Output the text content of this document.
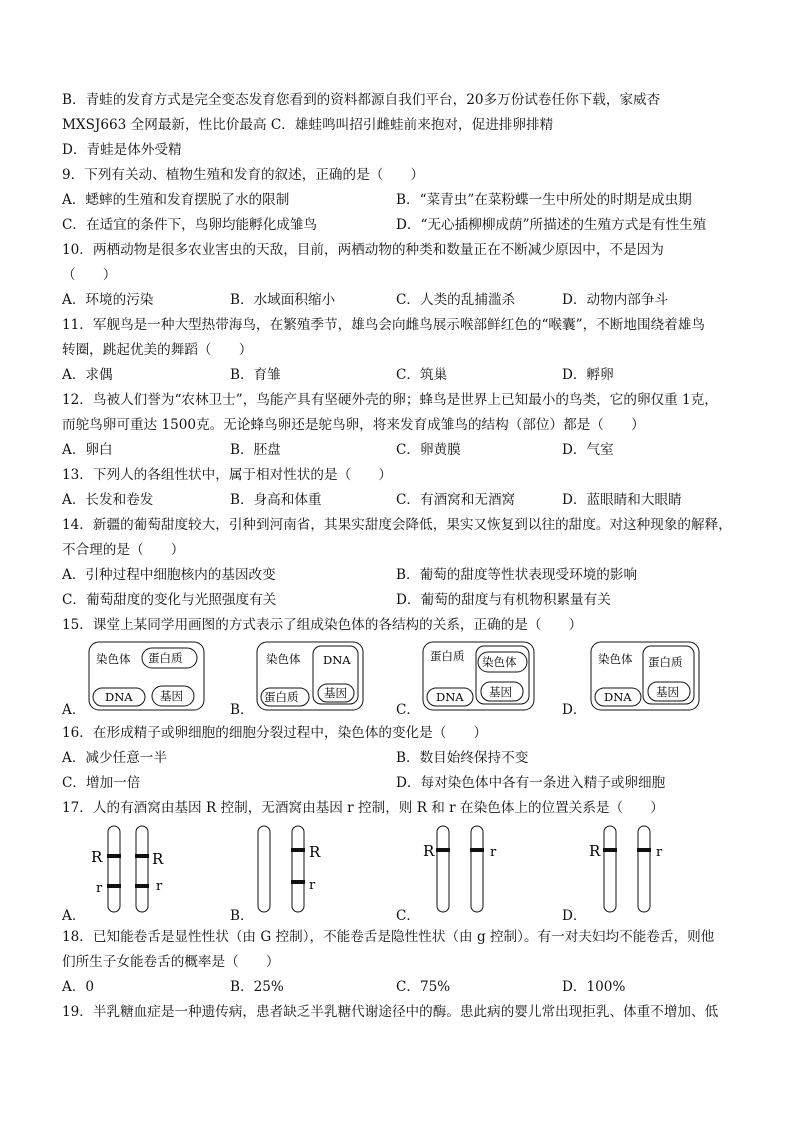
B．青蛙的发育方式是完全变态发育您看到的资料都源自我们平台，20多万份试卷任你下载，家威杏
MXSJ663 全网最新，性比价最高 C．雄蛙鸣叫招引雌蛙前来抱对，促进排卵排精
D．青蛙是体外受精
9．下列有关动、植物生殖和发育的叙述，正确的是（　　）
A．蟋蟀的生殖和发育摆脱了水的限制	B．“菜青虫”在菜粉蝶一生中所处的时期是成虫期
C．在适宜的条件下，鸟卵均能孵化成雏鸟	D．“无心插柳柳成荫”所描述的生殖方式是有性生殖
10．两栖动物是很多农业害虫的天敌，目前，两栖动物的种类和数量正在不断减少原因中，不是因为
（　　）
A．环境的污染	B．水域面积缩小	C．人类的乱捕滥杀	D．动物内部争斗
11．军舰鸟是一种大型热带海鸟，在繁殖季节，雄鸟会向雌鸟展示喉部鲜红色的“喉囊”，不断地围绕着雄鸟
转圈，跳起优美的舞蹈（　　）
A．求偶	B．育雏	C．筑巢	D．孵卵
12．鸟被人们誉为“农林卫士”，鸟能产具有坚硬外壳的卵；蜂鸟是世界上已知最小的鸟类，它的卵仅重 1克，
而鸵鸟卵可重达 1500克。无论蜂鸟卵还是鸵鸟卵，将来发育成雏鸟的结构（部位）都是（　　）
A．卵白	B．胚盘	C．卵黄膜	D．气室
13．下列人的各组性状中，属于相对性状的是（　　）
A．长发和卷发	B．身高和体重	C．有酒窝和无酒窝	D．蓝眼睛和大眼睛
14．新疆的葡萄甜度较大，引种到河南省，其果实甜度会降低，果实又恢复到以往的甜度。对这种现象的解释，
不合理的是（　　）
A．引种过程中细胞核内的基因改变	B．葡萄的甜度等性状表现受环境的影响
C．葡萄甜度的变化与光照强度有关	D．葡萄的甜度与有机物积累量有关
15．课堂上某同学用画图的方式表示了组成染色体的各结构的关系，正确的是（　　）
A．	B．	C．	D．
染色体 蛋白质
DNA 基因
染色体 DNA
基因
蛋白质
蛋白质 染色体
基因
DNA
染色体 蛋白质
基因
DNA
R	R
r	r
R
r
R	r	R	r
16．在形成精子或卵细胞的细胞分裂过程中，染色体的变化是（　　）
A．减少任意一半	B．数目始终保持不变
C．增加一倍	D．每对染色体中各有一条进入精子或卵细胞
17．人的有酒窝由基因 R 控制，无酒窝由基因 r 控制，则 R 和 r 在染色体上的位置关系是（　　）
A．	B．	C．	D．
18．已知能卷舌是显性性状（由 G 控制），不能卷舌是隐性性状（由 g 控制）。有一对夫妇均不能卷舌，则他
们所生子女能卷舌的概率是（　　）
A．0	B．25%	C．75%	D．100%
19．半乳糖血症是一种遗传病，患者缺乏半乳糖代谢途径中的酶。患此病的婴儿常出现拒乳、体重不增加、低
